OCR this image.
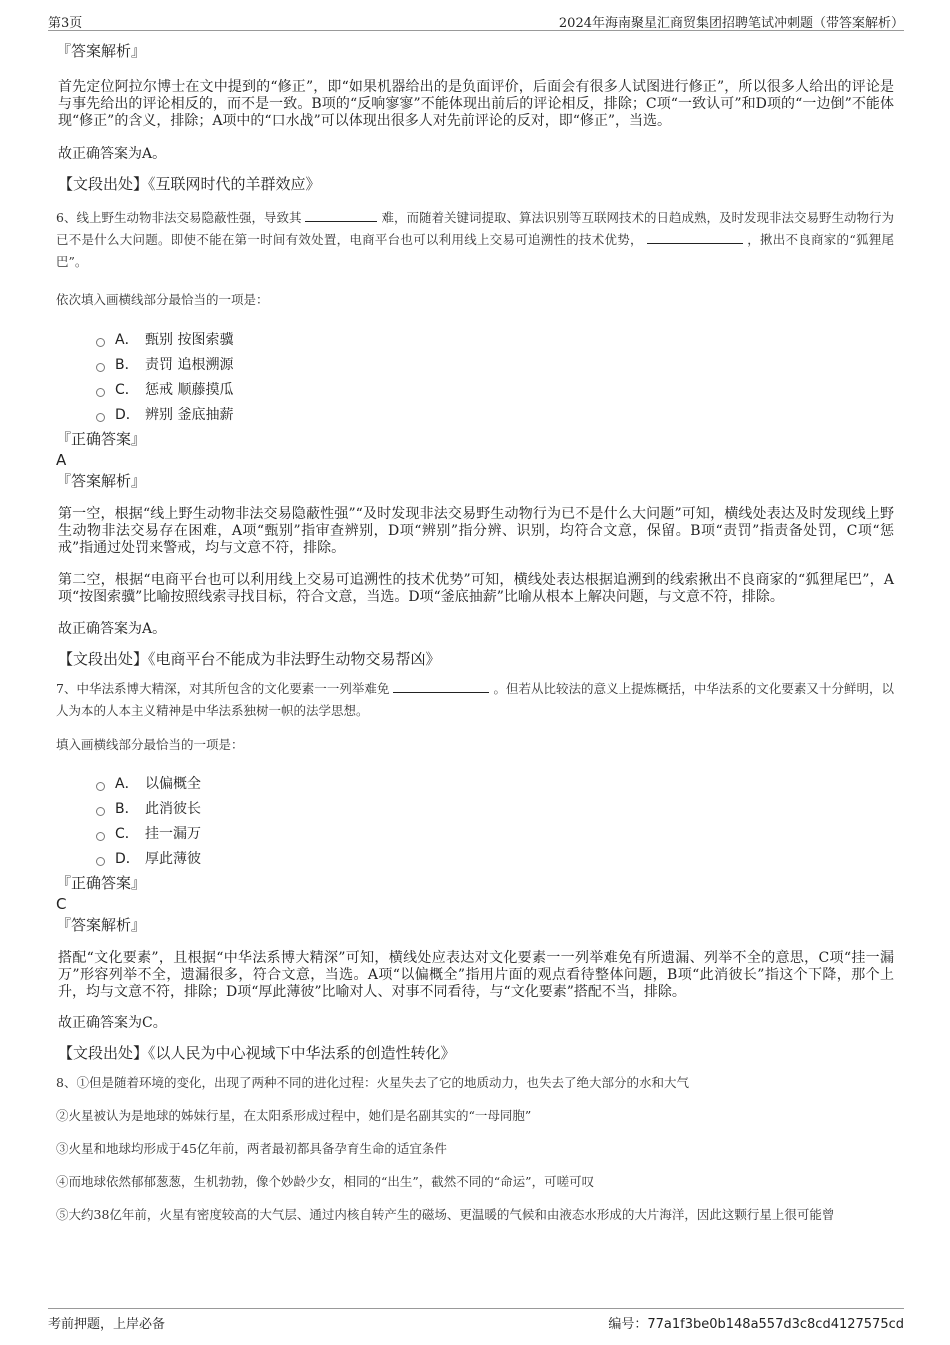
第3页	2024年海南聚星汇商贸集团招聘笔试冲刺题（带答案解析）
『答案解析』

首先定位阿拉尔博士在文中提到的“修正”，即“如果机器给出的是负面评价，后面会有很多人试图进行修正”，所以很多人给出的评论是与事先给出的评论相反的，而不是一致。B项的“反响寥寥”不能体现出前后的评论相反，排除；C项“一致认可”和D项的“一边倒”不能体现“修正”的含义，排除；A项中的“口水战”可以体现出很多人对先前评论的反对，即“修正”，当选。

故正确答案为A。

【文段出处】《互联网时代的羊群效应》

6、线上野生动物非法交易隐蔽性强，导致其	难，而随着关键词提取、算法识别等互联网技术的日趋成熟，及时发现非法交易野生动物行为已不是什么大问题。即使不能在第一时间有效处置，电商平台也可以利用线上交易可追溯性的技术优势，	，揪出不良商家的“狐狸尾巴”。
依次填入画横线部分最恰当的一项是：
A． 甄别 按图索骥
B． 责罚 追根溯源
C． 惩戒 顺藤摸瓜
D． 辨别 釜底抽薪
『正确答案』
A
『答案解析』

第一空，根据“线上野生动物非法交易隐蔽性强”“及时发现非法交易野生动物行为已不是什么大问题”可知，横线处表达及时发现线上野生动物非法交易存在困难，A项“甄别”指审查辨别，D项“辨别”指分辨、识别，均符合文意，保留。B项“责罚”指责备处罚，C项“惩戒”指通过处罚来警戒，均与文意不符，排除。

第二空，根据“电商平台也可以利用线上交易可追溯性的技术优势”可知，横线处表达根据追溯到的线索揪出不良商家的“狐狸尾巴”，A项“按图索骥”比喻按照线索寻找目标，符合文意，当选。D项“釜底抽薪”比喻从根本上解决问题，与文意不符，排除。

故正确答案为A。

【文段出处】《电商平台不能成为非法野生动物交易帮凶》

7、中华法系博大精深，对其所包含的文化要素一一列举难免	。但若从比较法的意义上提炼概括，中华法系的文化要素又十分鲜明，以人为本的人本主义精神是中华法系独树一帜的法学思想。
填入画横线部分最恰当的一项是：
A． 以偏概全
B． 此消彼长
C． 挂一漏万
D． 厚此薄彼
『正确答案』
C
『答案解析』

搭配“文化要素”，且根据“中华法系博大精深”可知，横线处应表达对文化要素一一列举难免有所遗漏、列举不全的意思，C项“挂一漏万”形容列举不全，遗漏很多，符合文意，当选。A项“以偏概全”指用片面的观点看待整体问题，B项“此消彼长”指这个下降，那个上升，均与文意不符，排除；D项“厚此薄彼”比喻对人、对事不同看待，与“文化要素”搭配不当，排除。

故正确答案为C。

【文段出处】《以人民为中心视域下中华法系的创造性转化》

8、①但是随着环境的变化，出现了两种不同的进化过程：火星失去了它的地质动力，也失去了绝大部分的水和大气
②火星被认为是地球的姊妹行星，在太阳系形成过程中，她们是名副其实的“一母同胞”
③火星和地球均形成于45亿年前，两者最初都具备孕育生命的适宜条件
④而地球依然郁郁葱葱，生机勃勃，像个妙龄少女，相同的“出生”，截然不同的“命运”，可嗟可叹
⑤大约38亿年前，火星有密度较高的大气层、通过内核自转产生的磁场、更温暖的气候和由液态水形成的大片海洋，因此这颗行星上很可能曾
考前押题，上岸必备	编号：77a1f3be0b148a557d3c8cd4127575cd
